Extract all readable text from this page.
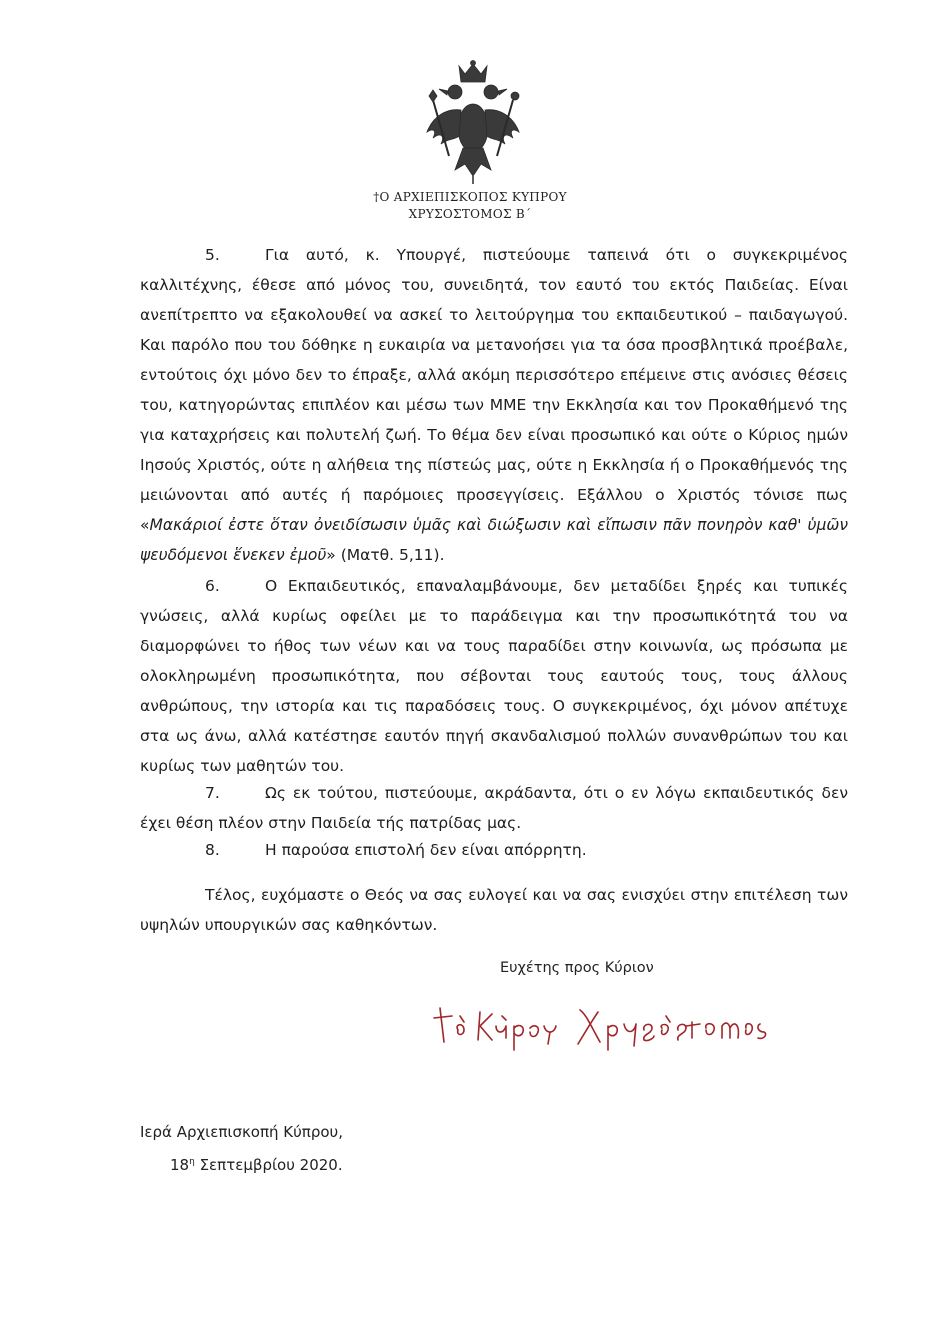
†Ο ΑΡΧΙΕΠΙΣΚΟΠΟΣ ΚΥΠΡΟΥ
ΧΡΥΣΟΣΤΟΜΟΣ Β΄
5.	Για αυτό, κ. Υπουργέ, πιστεύουμε ταπεινά ότι ο συγκεκριμένος καλλιτέχνης, έθεσε από μόνος του, συνειδητά, τον εαυτό του εκτός Παιδείας. Είναι ανεπίτρεπτο να εξακολουθεί να ασκεί το λειτούργημα του εκπαιδευτικού – παιδαγωγού. Και παρόλο που του δόθηκε η ευκαιρία να μετανοήσει για τα όσα προσβλητικά προέβαλε, εντούτοις όχι μόνο δεν το έπραξε, αλλά ακόμη περισσότερο επέμεινε στις ανόσιες θέσεις του, κατηγορώντας επιπλέον και μέσω των ΜΜΕ την Εκκλησία και τον Προκαθήμενό της για καταχρήσεις και πολυτελή ζωή. Το θέμα δεν είναι προσωπικό και ούτε ο Κύριος ημών Ιησούς Χριστός, ούτε η αλήθεια της πίστεώς μας, ούτε η Εκκλησία ή ο Προκαθήμενός της μειώνονται από αυτές ή παρόμοιες προσεγγίσεις. Εξάλλου ο Χριστός τόνισε πως «Μακάριοί ἐστε ὅταν ὀνειδίσωσιν ὑμᾶς καὶ διώξωσιν καὶ εἴπωσιν πᾶν πονηρὸν καθ' ὑμῶν ψευδόμενοι ἕνεκεν ἐμοῦ» (Ματθ. 5,11).
6.	Ο Εκπαιδευτικός, επαναλαμβάνουμε, δεν μεταδίδει ξηρές και τυπικές γνώσεις, αλλά κυρίως οφείλει με το παράδειγμα και την προσωπικότητά του να διαμορφώνει το ήθος των νέων και να τους παραδίδει στην κοινωνία, ως πρόσωπα με ολοκληρωμένη προσωπικότητα, που σέβονται τους εαυτούς τους, τους άλλους ανθρώπους, την ιστορία και τις παραδόσεις τους. Ο συγκεκριμένος, όχι μόνον απέτυχε στα ως άνω, αλλά κατέστησε εαυτόν πηγή σκανδαλισμού πολλών συνανθρώπων του και κυρίως των μαθητών του.
7.	Ως εκ τούτου, πιστεύουμε, ακράδαντα, ότι ο εν λόγω εκπαιδευτικός δεν έχει θέση πλέον στην Παιδεία τής πατρίδας μας.
8.	Η παρούσα επιστολή δεν είναι απόρρητη.
Τέλος, ευχόμαστε ο Θεός να σας ευλογεί και να σας ενισχύει στην επιτέλεση των υψηλών υπουργικών σας καθηκόντων.
Ευχέτης προς Κύριον
Ιερά Αρχιεπισκοπή Κύπρου,
$18^\eta$ Σεπτεμβρίου 2020.
